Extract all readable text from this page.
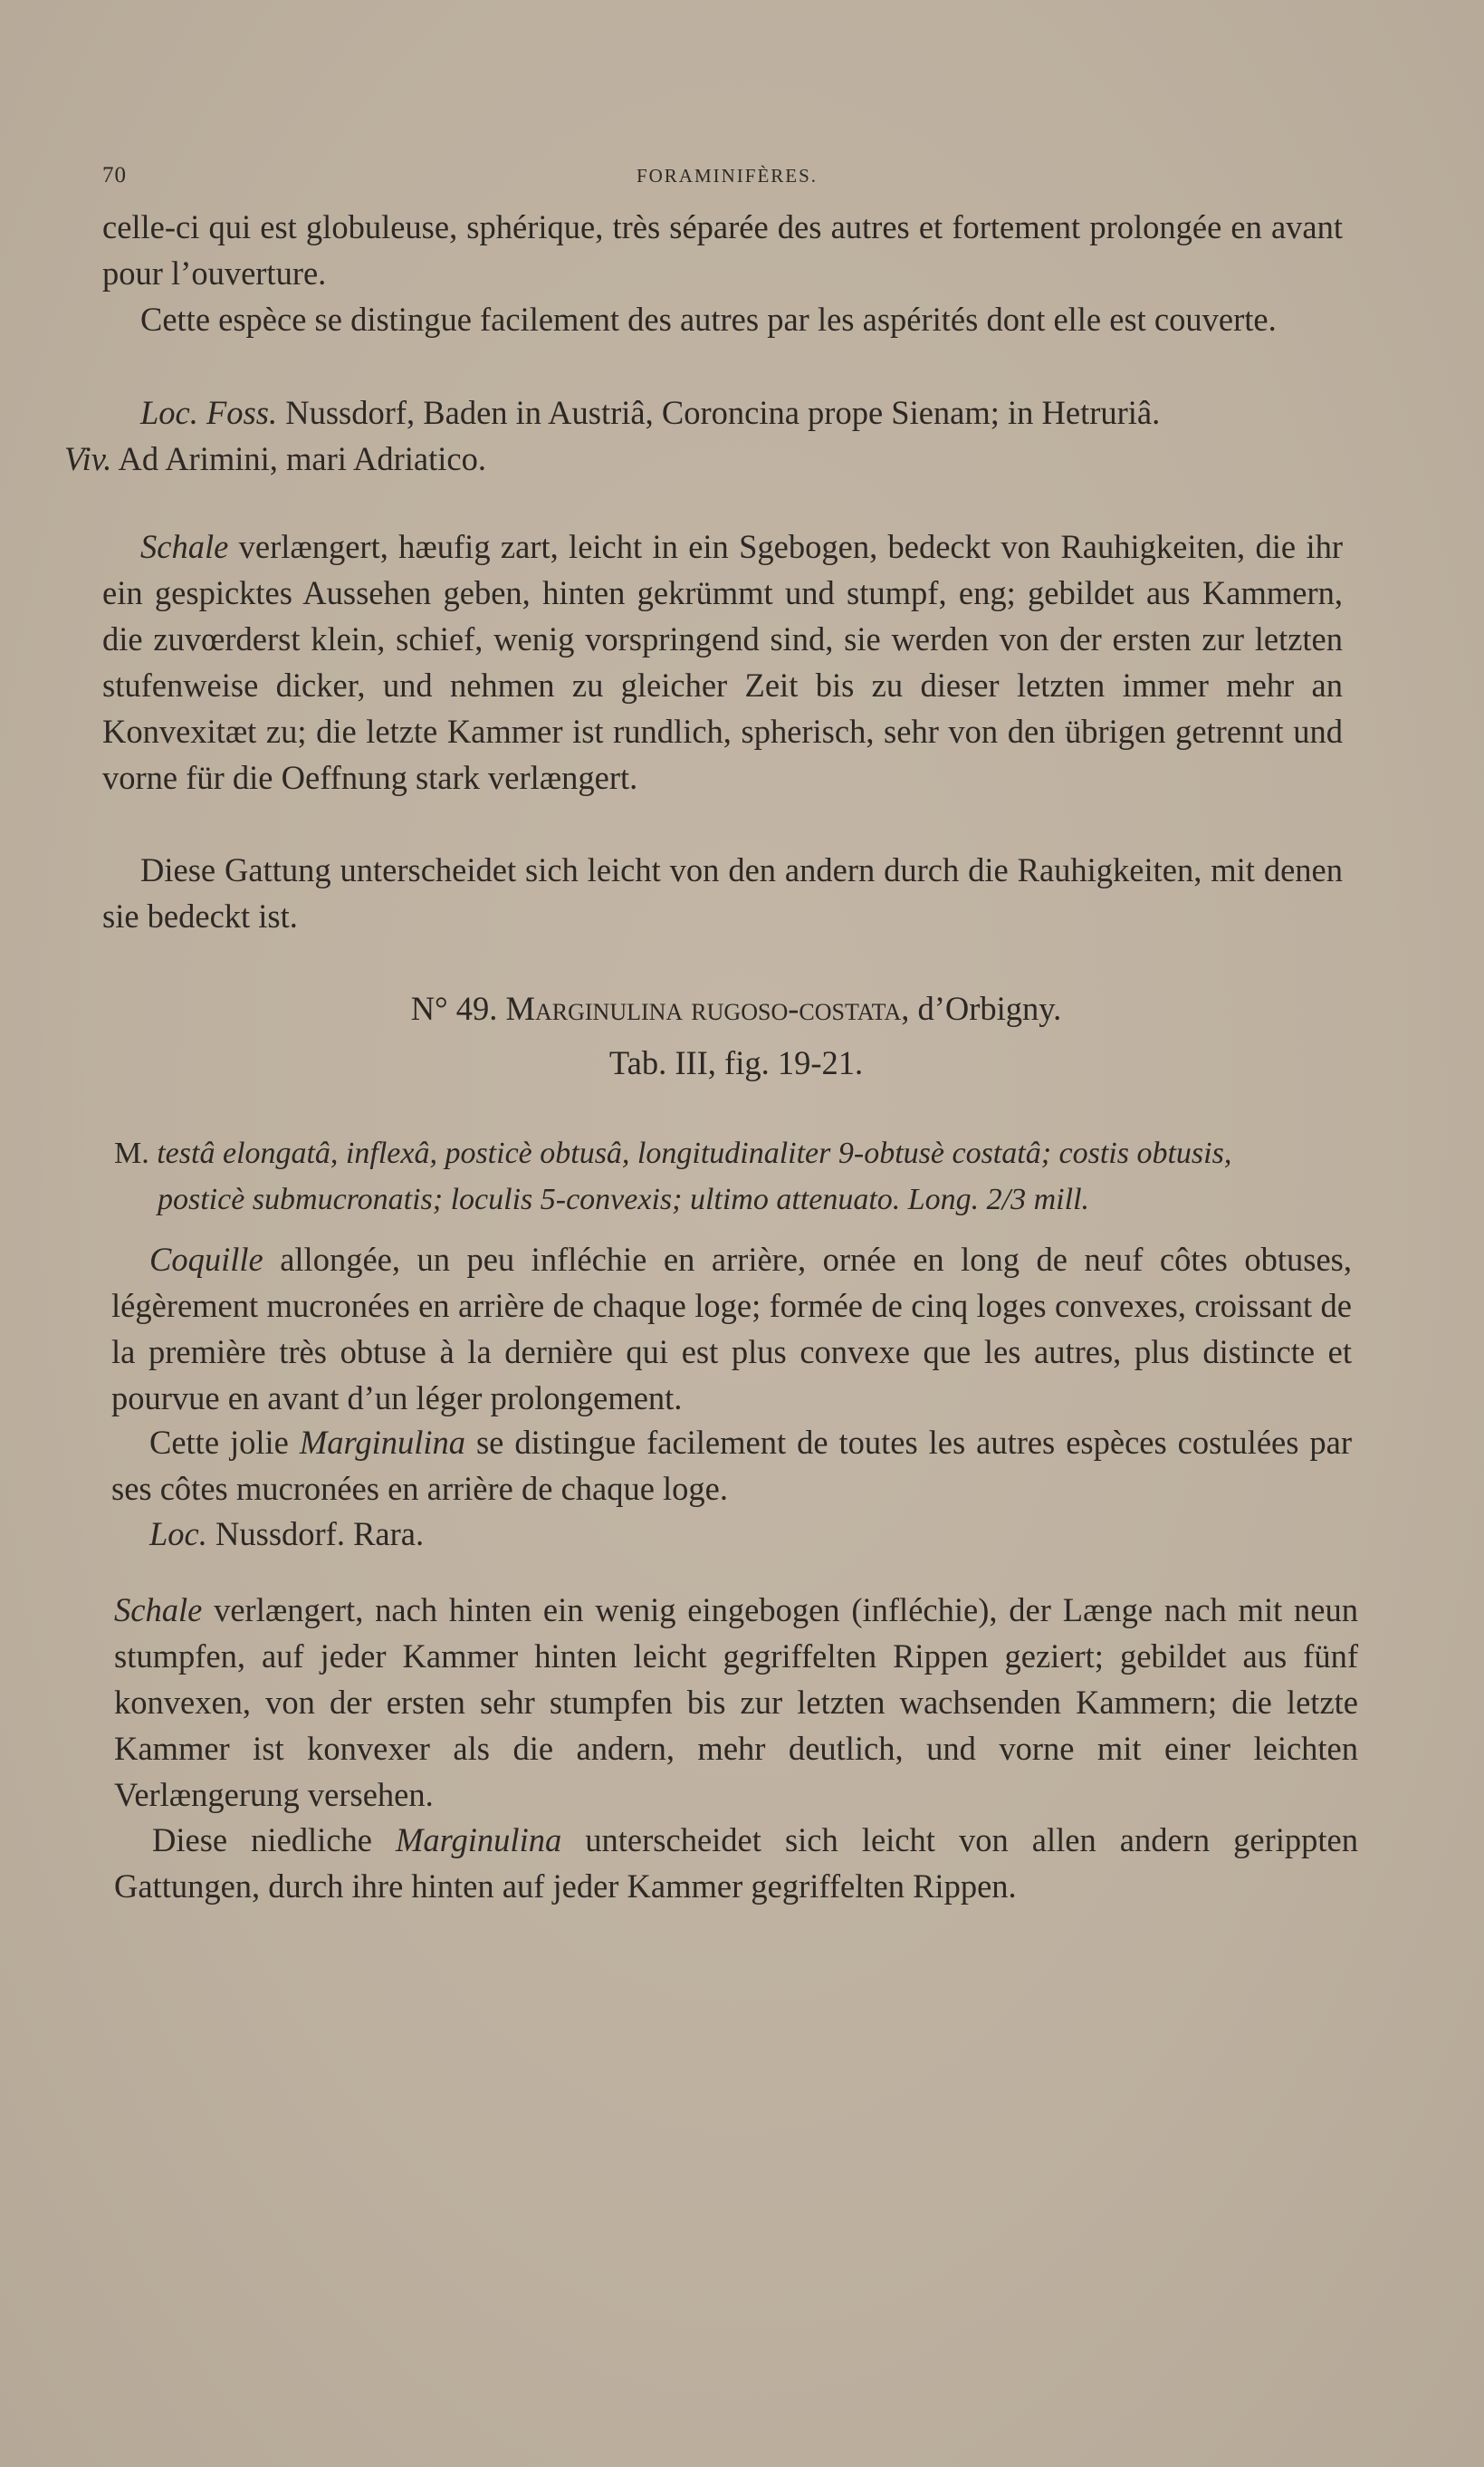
70	FORAMINIFÈRES.

celle-ci qui est globuleuse, sphérique, très séparée des autres et fortement prolongée en avant pour l’ouverture.

Cette espèce se distingue facilement des autres par les aspérités dont elle est couverte.

Loc. Foss. Nussdorf, Baden in Austriâ, Coroncina prope Sienam; in Hetruriâ.
Viv. Ad Arimini, mari Adriatico.

Schale verlængert, hæufig zart, leicht in ein Sgebogen, bedeckt von Rauhigkeiten, die ihr ein gespicktes Aussehen geben, hinten gekrümmt und stumpf, eng; gebildet aus Kammern, die zuvœrderst klein, schief, wenig vorspringend sind, sie werden von der ersten zur letzten stufenweise dicker, und nehmen zu gleicher Zeit bis zu dieser letzten immer mehr an Konvexitæt zu; die letzte Kammer ist rundlich, spherisch, sehr von den übrigen getrennt und vorne für die Oeffnung stark verlængert.

Diese Gattung unterscheidet sich leicht von den andern durch die Rauhigkeiten, mit denen sie bedeckt ist.

N° 49. Marginulina rugoso-costata, d’Orbigny.
Tab. III, fig. 19-21.
M. testâ elongatâ, inflexâ, posticè obtusâ, longitudinaliter 9-obtusè costatâ; costis obtusis,
posticè submucronatis; loculis 5-convexis; ultimo attenuato. Long. 2/3 mill.

Coquille allongée, un peu infléchie en arrière, ornée en long de neuf côtes obtuses, légèrement mucronées en arrière de chaque loge; formée de cinq loges convexes, croissant de la première très obtuse à la dernière qui est plus convexe que les autres, plus distincte et pourvue en avant d’un léger prolongement.

Cette jolie Marginulina se distingue facilement de toutes les autres espèces costulées par ses côtes mucronées en arrière de chaque loge.

Loc. Nussdorf. Rara.

Schale verlængert, nach hinten ein wenig eingebogen (infléchie), der Længe nach mit neun stumpfen, auf jeder Kammer hinten leicht gegriffelten Rippen geziert; gebildet aus fünf konvexen, von der ersten sehr stumpfen bis zur letzten wachsenden Kammern; die letzte Kammer ist konvexer als die andern, mehr deutlich, und vorne mit einer leichten Verlængerung versehen.

Diese niedliche Marginulina unterscheidet sich leicht von allen andern gerippten Gattungen, durch ihre hinten auf jeder Kammer gegriffelten Rippen.
